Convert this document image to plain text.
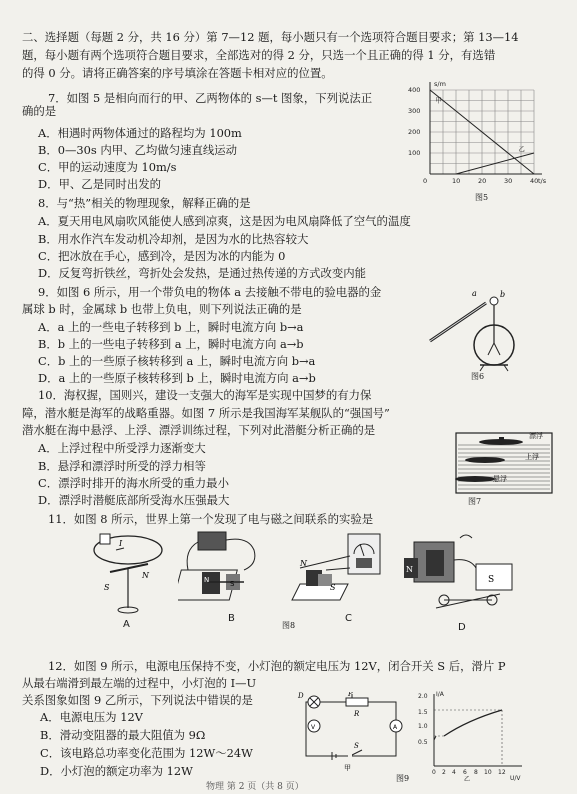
二、选择题（每题 2 分，共 16 分）第 7—12 题，每小题只有一个选项符合题目要求；第 13—14
题，每小题有两个选项符合题目要求，全部选对的得 2 分，只选一个且正确的得 1 分，有选错
的得 0 分。请将正确答案的序号填涂在答题卡相对应的位置。
7．如图 5 是相向而行的甲、乙两物体的 s—t 图象，下列说法正
确的是
A．相遇时两物体通过的路程均为 100m
B．0—30s 内甲、乙均做匀速直线运动
C．甲的运动速度为 10m/s
D．甲、乙是同时出发的
400
300
200
100
10	20	30	40
0
s/m
t/s
甲
乙
图5
8．与“热”相关的物理现象，解释正确的是
A．夏天用电风扇吹风能使人感到凉爽，这是因为电风扇降低了空气的温度
B．用水作汽车发动机冷却剂，是因为水的比热容较大
C．把冰放在手心，感到冷，是因为冰的内能为 0
D．反复弯折铁丝，弯折处会发热，是通过热传递的方式改变内能
9．如图 6 所示，用一个带负电的物体 a 去接触不带电的验电器的金
属球 b 时，金属球 b 也带上负电，则下列说法正确的是
A．a 上的一些电子转移到 b 上，瞬时电流方向 b→a
B．b 上的一些电子转移到 a 上，瞬时电流方向 a→b
C．b 上的一些原子核转移到 a 上，瞬时电流方向 b→a
D．a 上的一些原子核转移到 b 上，瞬时电流方向 a→b
a	b
图6
10．海权握，国则兴，建设一支强大的海军是实现中国梦的有力保
障，潜水艇是海军的战略重器。如图 7 所示是我国海军某舰队的“强国号”
潜水艇在海中悬浮、上浮、漂浮训练过程，下列对此潜艇分析正确的是
A．上浮过程中所受浮力逐渐变大
B．悬浮和漂浮时所受的浮力相等
C．漂浮时排开的海水所受的重力最小
D．漂浮时潜艇底部所受海水压强最大
漂浮
上浮
悬浮
图7
11．如图 8 所示，世界上第一个发现了电与磁之间联系的实验是
I
S
N
A
N	S
B
N
S
C
图8
N
S
D
12．如图 9 所示，电源电压保持不变，小灯泡的额定电压为 12V，闭合开关 S 后，滑片 P
从最右端滑到最左端的过程中，小灯泡的 I—U
关系图象如图 9 乙所示，下列说法中错误的是
A．电源电压为 12V
B．滑动变阻器的最大阻值为 9Ω
C．该电路总功率变化范围为 12W～24W
D．小灯泡的额定功率为 12W
D	P
R
V	A
S
甲
图9
I/A
2.0
1.5
1.0
0.5
0 2 4 6 8 10 12
U/V
乙
物理 第 2 页（共 8 页）
